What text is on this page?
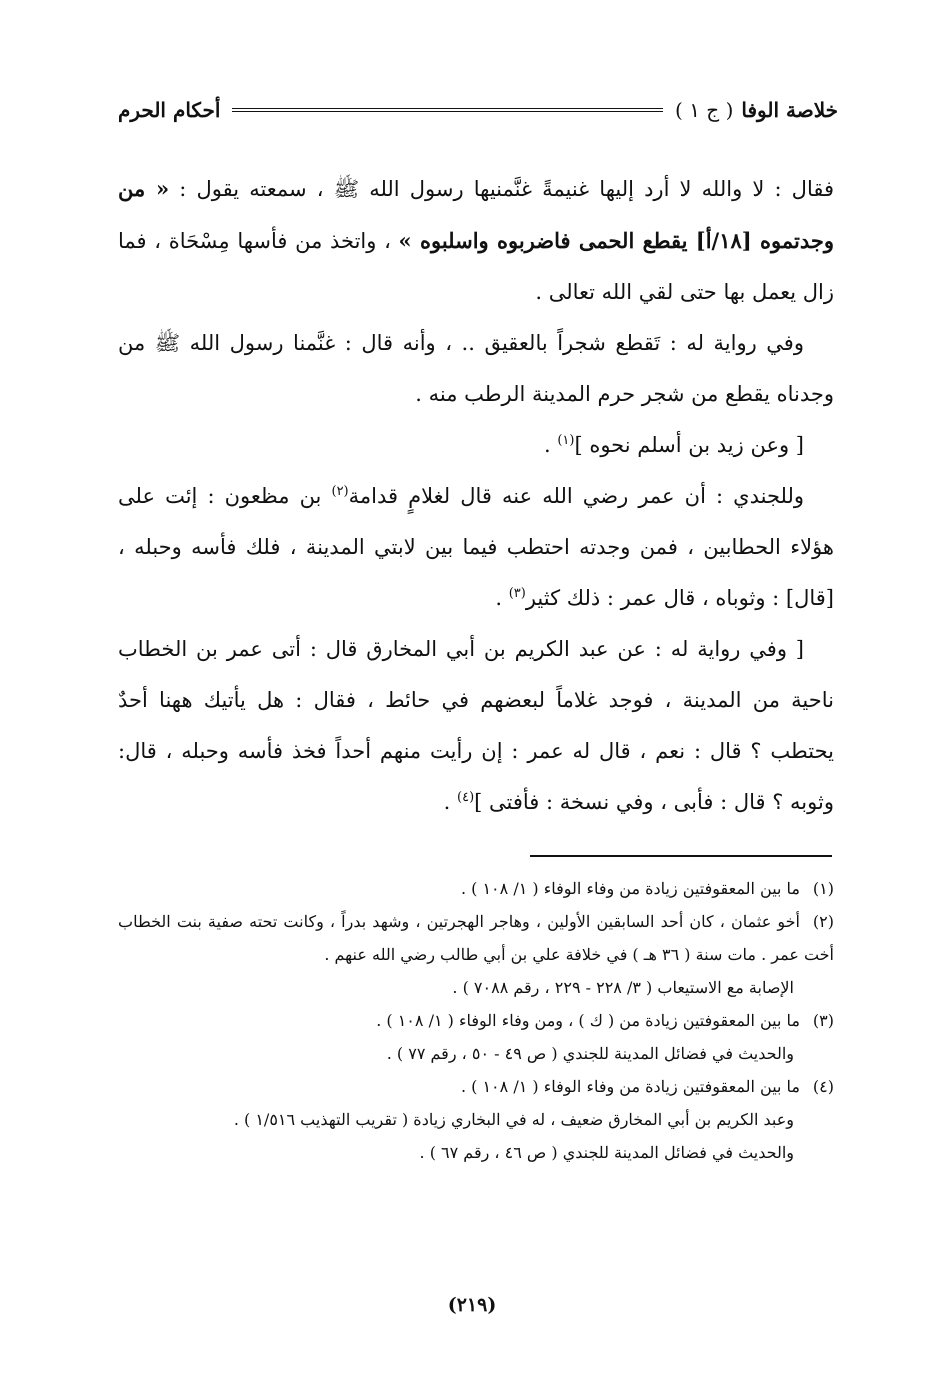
خلاصة الوفا
( ج ١ )
أحكام الحرم

فقال : لا والله لا أرد إليها غنيمةً غنَّمنيها رسول الله ﷺ ، سمعته يقول : « من وجدتموه [١٨/أ] يقطع الحمى فاضربوه واسلبوه » ، واتخذ من فأسها مِسْحَاة ، فما زال يعمل بها حتى لقي الله تعالى .

وفي رواية له : تَقطع شجراً بالعقيق .. ، وأنه قال : غنَّمنا رسول الله ﷺ من وجدناه يقطع من شجر حرم المدينة الرطب منه .

[ وعن زيد بن أسلم نحوه ]$^{(١)}$ .

وللجندي : أن عمر رضي الله عنه قال لغلامٍ قدامة$^{(٢)}$ بن مظعون : إئت على هؤلاء الحطابين ، فمن وجدته احتطب فيما بين لابتي المدينة ، فلك فأسه وحبله ، [قال] : وثوباه ، قال عمر : ذلك كثير$^{(٣)}$ .

[ وفي رواية له : عن عبد الكريم بن أبي المخارق قال : أتى عمر بن الخطاب ناحية من المدينة ، فوجد غلاماً لبعضهم في حائط ، فقال : هل يأتيك ههنا أحدٌ يحتطب ؟ قال : نعم ، قال له عمر : إن رأيت منهم أحداً فخذ فأسه وحبله ، قال: وثوبه ؟ قال : فأبى ، وفي نسخة : فأفتى ]$^{(٤)}$ .

(١)ما بين المعقوفتين زيادة من وفاء الوفاء ( ١/ ١٠٨ ) .

(٢)أخو عثمان ، كان أحد السابقين الأولين ، وهاجر الهجرتين ، وشهد بدراً ، وكانت تحته صفية بنت الخطاب أخت عمر . مات سنة ( ٣٦ هـ ) في خلافة علي بن أبي طالب رضي الله عنهم .

الإصابة مع الاستيعاب ( ٣/ ٢٢٨ - ٢٢٩ ، رقم ٧٠٨٨ ) .

(٣)ما بين المعقوفتين زيادة من ( ك ) ، ومن وفاء الوفاء ( ١/ ١٠٨ ) .

والحديث في فضائل المدينة للجندي ( ص ٤٩ - ٥٠ ، رقم ٧٧ ) .

(٤)ما بين المعقوفتين زيادة من وفاء الوفاء ( ١/ ١٠٨ ) .

وعبد الكريم بن أبي المخارق ضعيف ، له في البخاري زيادة ( تقريب التهذيب ١/٥١٦ ) .

والحديث في فضائل المدينة للجندي ( ص ٤٦ ، رقم ٦٧ ) .

(٢١٩)
